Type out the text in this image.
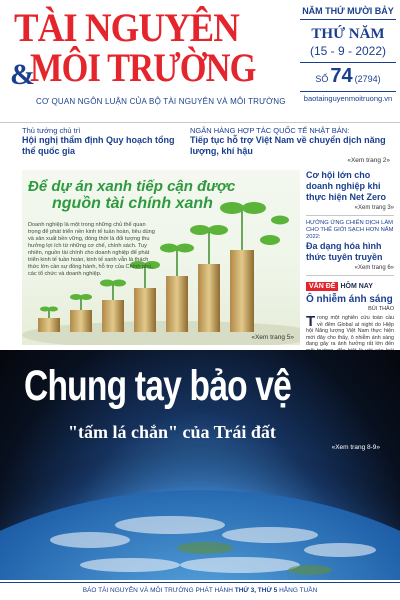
TÀI NGUYÊN
&
MÔI TRƯỜNG
CƠ QUAN NGÔN LUẬN CỦA BỘ TÀI NGUYÊN VÀ MÔI TRƯỜNG
NĂM THỨ MƯỜI BẢY
THỨ NĂM
(15 - 9 - 2022)
SỐ 74 (2794)
baotainguyenmoitruong.vn
Thủ tướng chủ trì
Hội nghị thẩm định Quy hoạch tổng thể quốc gia
NGÂN HÀNG HỢP TÁC QUỐC TẾ NHẬT BẢN:
Tiếp tục hỗ trợ Việt Nam về chuyển dịch năng lượng, khí hậu
«Xem trang 2»
Để dự án xanh tiếp cận được
nguồn tài chính xanh
Doanh nghiệp là một trong những chủ thể quan trọng để phát triển nền kinh tế tuần hoàn, tiêu dùng và sản xuất bền vững, đóng thời là đối tượng thu hưởng lợi ích từ những cơ chế, chính sách. Tuy nhiên, nguồn tài chính cho doanh nghiệp để phát triển kinh tế tuần hoàn, kinh tế xanh vẫn là thách thức lớn cần sự đồng hành, hỗ trợ của Chính phủ, các tổ chức và doanh nghiệp.
«Xem trang 5»
Cơ hội lớn cho doanh nghiệp khi thực hiện Net Zero
«Xem trang 3»
HƯỞNG ỨNG CHIẾN DỊCH LÀM CHO THẾ GIỚI SẠCH HƠN NĂM 2022:
Đa dạng hóa hình thức tuyên truyền
«Xem trang 6»
VẤN ĐỀ HÔM NAY
Ô nhiễm ánh sáng
BÙI THẢO
Trong một nghiên cứu toàn cầu về đêm Global at night do Hiệp hội Năng lượng Việt Nam thực hiện mới đây cho thấy, ô nhiễm ánh sáng đang gây ra ảnh hưởng rất lớn đến
Chung tay bảo vệ
"tấm lá chắn" của Trái đất
«Xem trang 8-9»
BÁO TÀI NGUYÊN VÀ MÔI TRƯỜNG PHÁT HÀNH THỨ 3, THỨ 5 HẰNG TUẦN
